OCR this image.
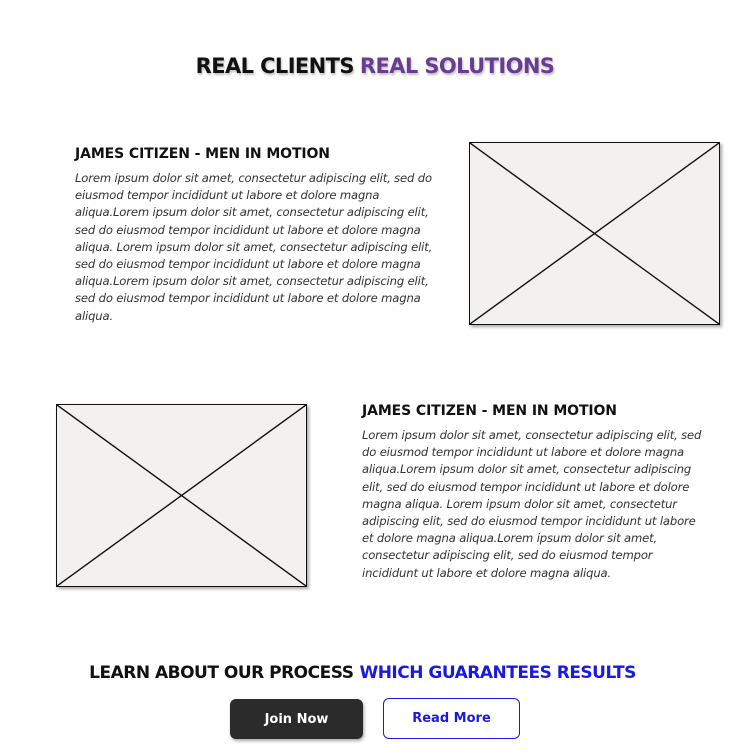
REAL CLIENTS REAL SOLUTIONS
JAMES CITIZEN - MEN IN MOTION

Lorem ipsum dolor sit amet, consectetur adipiscing elit, sed do
eiusmod tempor incididunt ut labore et dolore magna
aliqua.Lorem ipsum dolor sit amet, consectetur adipiscing elit,
sed do eiusmod tempor incididunt ut labore et dolore magna
aliqua. Lorem ipsum dolor sit amet, consectetur adipiscing elit,
sed do eiusmod tempor incididunt ut labore et dolore magna
aliqua.Lorem ipsum dolor sit amet, consectetur adipiscing elit,
sed do eiusmod tempor incididunt ut labore et dolore magna
aliqua.

JAMES CITIZEN - MEN IN MOTION

Lorem ipsum dolor sit amet, consectetur adipiscing elit, sed
do eiusmod tempor incididunt ut labore et dolore magna
aliqua.Lorem ipsum dolor sit amet, consectetur adipiscing
elit, sed do eiusmod tempor incididunt ut labore et dolore
magna aliqua. Lorem ipsum dolor sit amet, consectetur
adipiscing elit, sed do eiusmod tempor incididunt ut labore
et dolore magna aliqua.Lorem ipsum dolor sit amet,
consectetur adipiscing elit, sed do eiusmod tempor
incididunt ut labore et dolore magna aliqua.

LEARN ABOUT OUR PROCESS WHICH GUARANTEES RESULTS
Join Now	Read More
